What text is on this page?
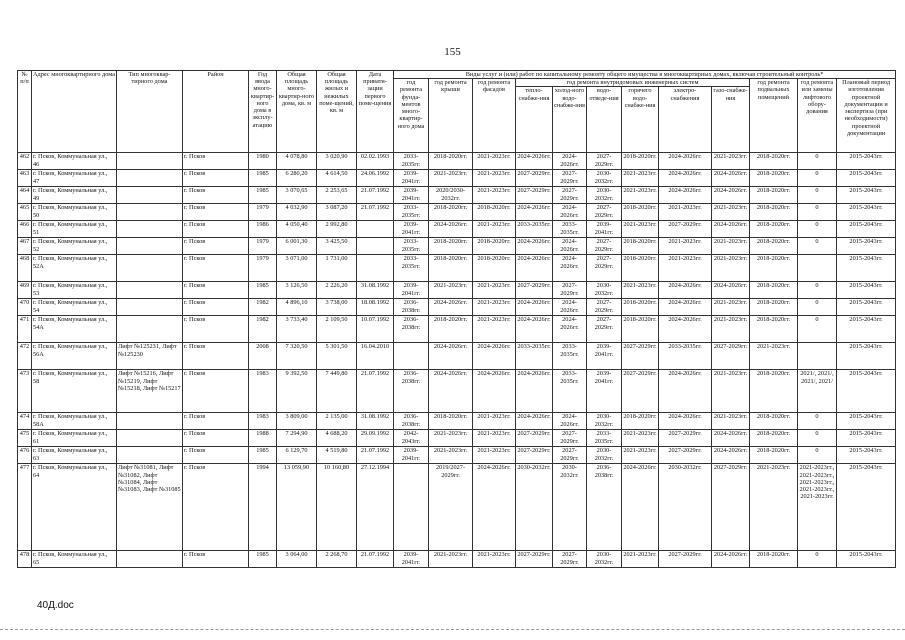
155
№ п/п	Адрес многоквартирного дома	Тип многоквар-тирного дома	Район	Год ввода много-квартир-ного дома в эксплу-атацию	Общая площадь много-квартир-ного дома, кв. м	Общая площадь жилых и нежилых поме-щений, кв. м	Дата привати-зации первого поме-щения	Виды услуг и (или) работ по капитальному ремонту общего имущества в многоквартирных домах, включая строительный контроль*											
								год ремонта фунда-ментов много-квартир-ного дома	год ремонта крыши	год ремонта фасадов	год ремонта внутридомовых инженерных систем						год ремонта подвальных помещений	год ремонта или замены лифтового обору-дования	Плановый период изготовления проектной документации и экспертиза (при необходимости) проектной документации
											тепло-снабже-ния	холод-ного водо-снабже-ния	водо-отведе-ния	горячего водо-снабже-ния	электро-снабжения	газо-снабже-ния			
462	г. Псков, Коммунальная ул., 46		г. Псков	1980	4 078,80	3 020,90	02.02.1993	2033-2035гг.	2018-2020гг.	2021-2023гг.	2024-2026гг.	2024-2026гг.	2027-2029гг.	2018-2020гг.	2024-2026гг.	2021-2023гг.	2018-2020гг.	0	2015-2043гг.
463	г. Псков, Коммунальная ул., 47		г. Псков	1985	6 280,20	4 614,50	24.06.1992	2039-2041гг.	2021-2023гг.	2021-2023гг.	2027-2029гг.	2027-2029гг.	2030-2032гг.	2021-2023гг.	2024-2026гг.	2024-2026гг.	2018-2020гг.	0	2015-2043гг.
464	г. Псков, Коммунальная ул., 49		г. Псков	1985	3 070,65	2 253,65	21.07.1992	2039-2041гг.	2020/2030-2032гг.	2021-2023гг.	2027-2029гг.	2027-2029гг.	2030-2032гг.	2021-2023гг.	2024-2026гг.	2024-2026гг.	2018-2020гг.	0	2015-2043гг.
465	г. Псков, Коммунальная ул., 50		г. Псков	1979	4 032,90	3 087,20	21.07.1992	2033-2035гг.	2018-2020гг.	2018-2020гг.	2024-2026гг.	2024-2026гг.	2027-2029гг.	2018-2020гг.	2021-2023гг.	2021-2023гг.	2018-2020гг.	0	2015-2043гг.
466	г. Псков, Коммунальная ул., 51		г. Псков	1986	4 050,40	2 992,80		2039-2041гг.	2024-2026гг.	2021-2023гг.	2033-2035гг.	2033-2035гг.	2039-2041гг.	2021-2023гг.	2027-2029гг.	2024-2026гг.	2018-2020гг.	0	2015-2043гг.
467	г. Псков, Коммунальная ул., 52		г. Псков	1979	6 001,30	3 425,50		2033-2035гг.	2018-2020гг.	2018-2020гг.	2024-2026гг.	2024-2026гг.	2027-2029гг.	2018-2020гг.	2021-2023гг.	2021-2023гг.	2018-2020гг.	0	2015-2043гг.
468	г. Псков, Коммунальная ул., 52А		г. Псков	1979	3 071,00	1 731,00		2033-2035гг.	2018-2020гг.	2018-2020гг.	2024-2026гг.	2024-2026гг.	2027-2029гг.	2018-2020гг.	2021-2023гг.	2021-2023гг.	2018-2020гг.		2015-2043гг.
469	г. Псков, Коммунальная ул., 53		г. Псков	1985	3 126,50	2 226,20	31.08.1992	2039-2041гг.	2021-2023гг.	2021-2023гг.	2027-2029гг.	2027-2029гг.	2030-2032гг.	2021-2023гг.	2024-2026гг.	2024-2026гг.	2018-2020гг.	0	2015-2043гг.
470	г. Псков, Коммунальная ул., 54		г. Псков	1982	4 896,10	3 738,00	18.08.1992	2036-2038гг.	2024-2026гг.	2021-2023гг.	2024-2026гг.	2024-2026гг.	2027-2029гг.	2018-2020гг.	2024-2026гг.	2021-2023гг.	2018-2020гг.	0	2015-2043гг.
471	г. Псков, Коммунальная ул., 54А		г. Псков	1982	3 733,40	2 109,50	10.07.1992	2036-2038гг.	2018-2020гг.	2021-2023гг.	2024-2026гг.	2024-2026гг.	2027-2029гг.	2018-2020гг.	2024-2026гг.	2021-2023гг.	2018-2020гг.	0	2015-2043гг.
472	г. Псков, Коммунальная ул., 56А	Лифт №125231, Лифт №125230	г. Псков	2008	7 320,50	5 301,50	16.04.2010		2024-2026гг.	2024-2026гг.	2033-2035гг.	2033-2035гг.	2039-2041гг.	2027-2029гг.	2033-2035гг.	2027-2029гг.	2021-2023гг.		2015-2043гг.
473	г. Псков, Коммунальная ул., 58	Лифт №15216, Лифт №15219, Лифт №15218, Лифт №15217	г. Псков	1983	9 392,50	7 449,80	21.07.1992	2036-2038гг.	2024-2026гг.	2024-2026гг.	2024-2026гг.	2033-2035гг.	2039-2041гг.	2027-2029гг.	2024-2026гг.	2021-2023гг.	2018-2020гг.	2021/, 2021/, 2021/, 2021/	2015-2043гг.
474	г. Псков, Коммунальная ул., 58А		г. Псков	1983	3 809,00	2 135,00	31.08.1992	2036-2038гг.	2018-2020гг.	2021-2023гг.	2024-2026гг.	2024-2026гг.	2030-2032гг.	2018-2020гг.	2024-2026гг.	2021-2023гг.	2018-2020гг.	0	2015-2043гг.
475	г. Псков, Коммунальная ул., 61		г. Псков	1988	7 294,90	4 688,20	29.09.1992	2042-2043гг.	2021-2023гг.	2021-2023гг.	2027-2029гг.	2027-2029гг.	2033-2035гг.	2021-2023гг.	2027-2029гг.	2024-2026гг.	2018-2020гг.	0	2015-2043гг.
476	г. Псков, Коммунальная ул., 63		г. Псков	1985	6 129,70	4 519,80	21.07.1992	2039-2041гг.	2021-2023гг.	2021-2023гг.	2027-2029гг.	2027-2029гг.	2030-2032гг.	2021-2023гг.	2027-2029гг.	2024-2026гг.	2018-2020гг.	0	2015-2043гг.
477	г. Псков, Коммунальная ул., 64	Лифт №31081, Лифт №31082, Лифт №31084, Лифт №31083, Лифт №31085	г. Псков	1994	13 059,90	10 160,80	27.12.1994		2019/2027-2029гг.	2024-2026гг.	2030-2032гг.	2030-2032гг.	2036-2038гг.	2024-2026гг.	2030-2032гг.	2027-2029гг.	2021-2023гг.	2021-2023гг., 2021-2023гг., 2021-2023гг., 2021-2023гг., 2021-2023гг.	2015-2043гг.
478	г. Псков, Коммунальная ул., 65		г. Псков	1985	3 064,00	2 268,70	21.07.1992	2039-2041гг.	2021-2023гг.	2021-2023гг.	2027-2029гг.	2027-2029гг.	2030-2032гг.	2021-2023гг.	2027-2029гг.	2024-2026гг.	2018-2020гг.	0	2015-2043гг.
40Д.doc
